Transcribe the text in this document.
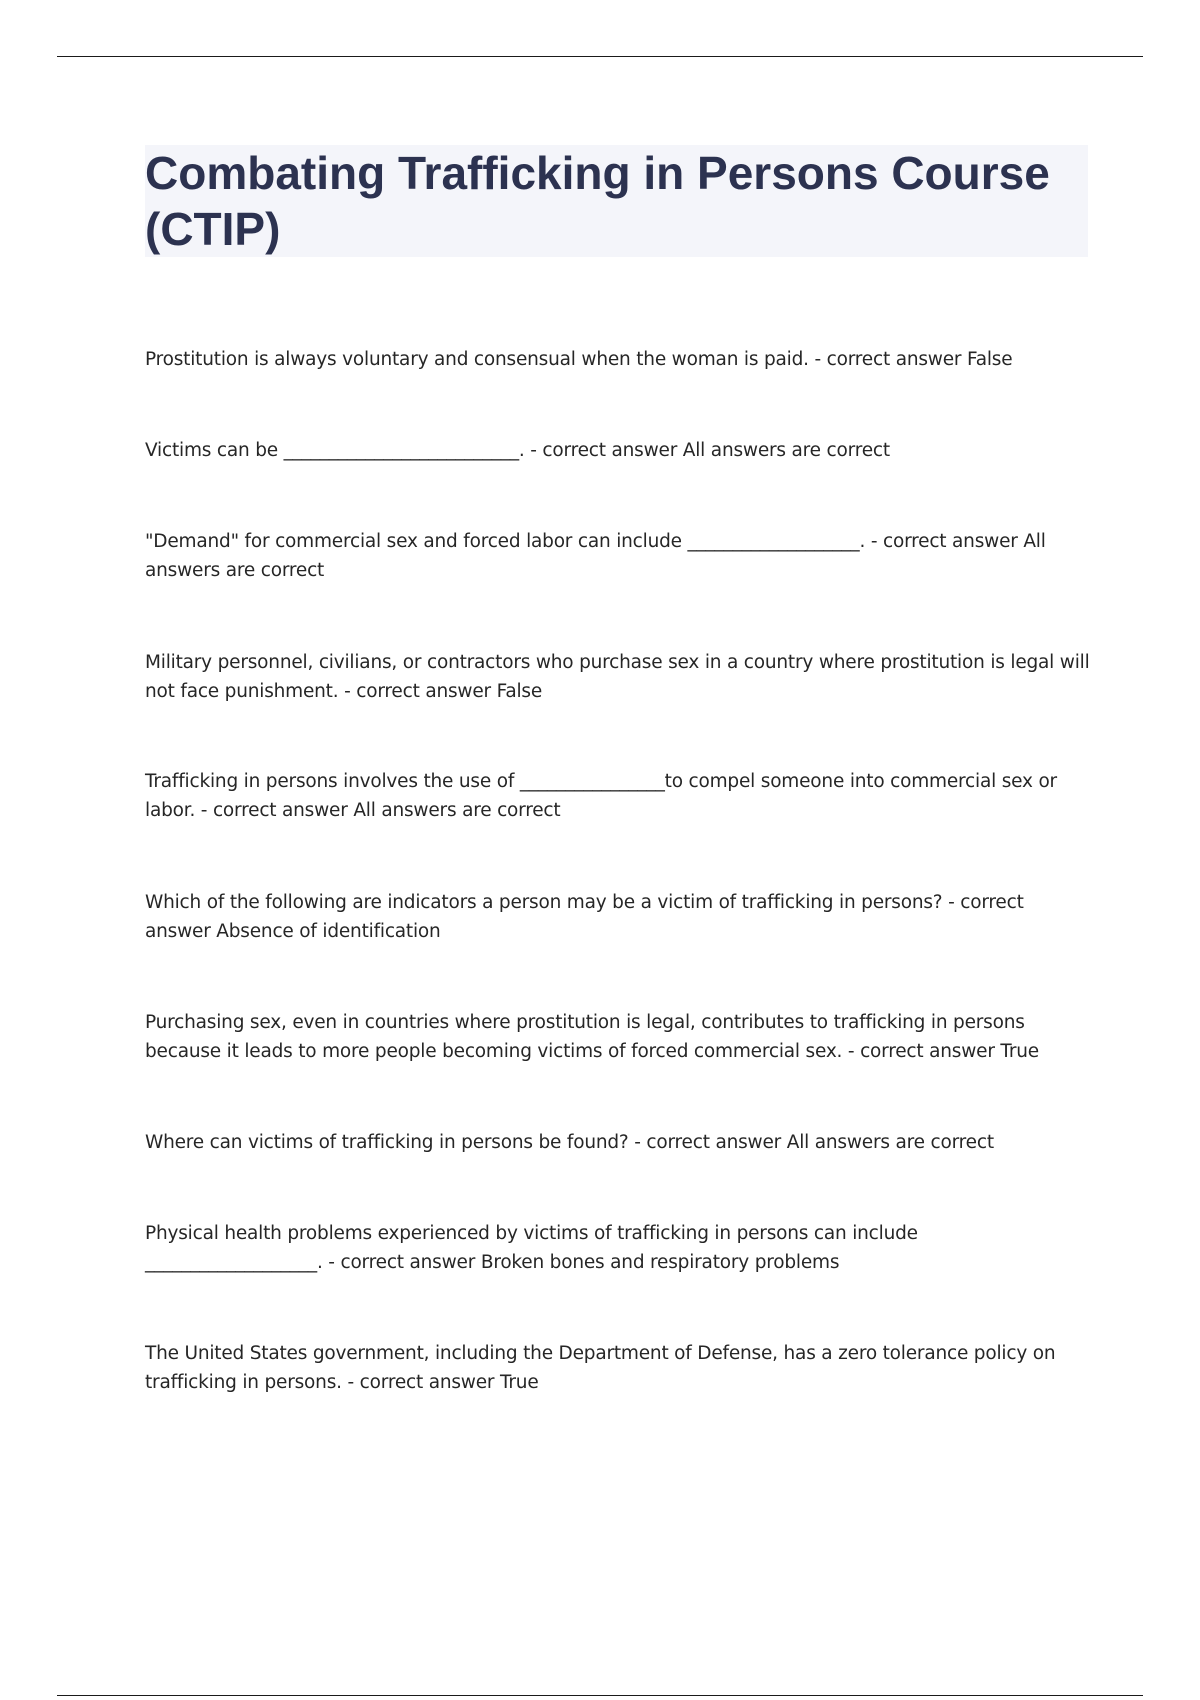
Combating Trafficking in Persons Course (CTIP)

Prostitution is always voluntary and consensual when the woman is paid. - correct answer False

Victims can be __________________________. - correct answer All answers are correct

"Demand" for commercial sex and forced labor can include ___________________. - correct answer All answers are correct

Military personnel, civilians, or contractors who purchase sex in a country where prostitution is legal will not face punishment. - correct answer False

Trafficking in persons involves the use of ________________to compel someone into commercial sex or labor. - correct answer All answers are correct

Which of the following are indicators a person may be a victim of trafficking in persons? - correct answer Absence of identification

Purchasing sex, even in countries where prostitution is legal, contributes to trafficking in persons because it leads to more people becoming victims of forced commercial sex. - correct answer True

Where can victims of trafficking in persons be found? - correct answer All answers are correct

Physical health problems experienced by victims of trafficking in persons can include ___________________. - correct answer Broken bones and respiratory problems

The United States government, including the Department of Defense, has a zero tolerance policy on trafficking in persons. - correct answer True
